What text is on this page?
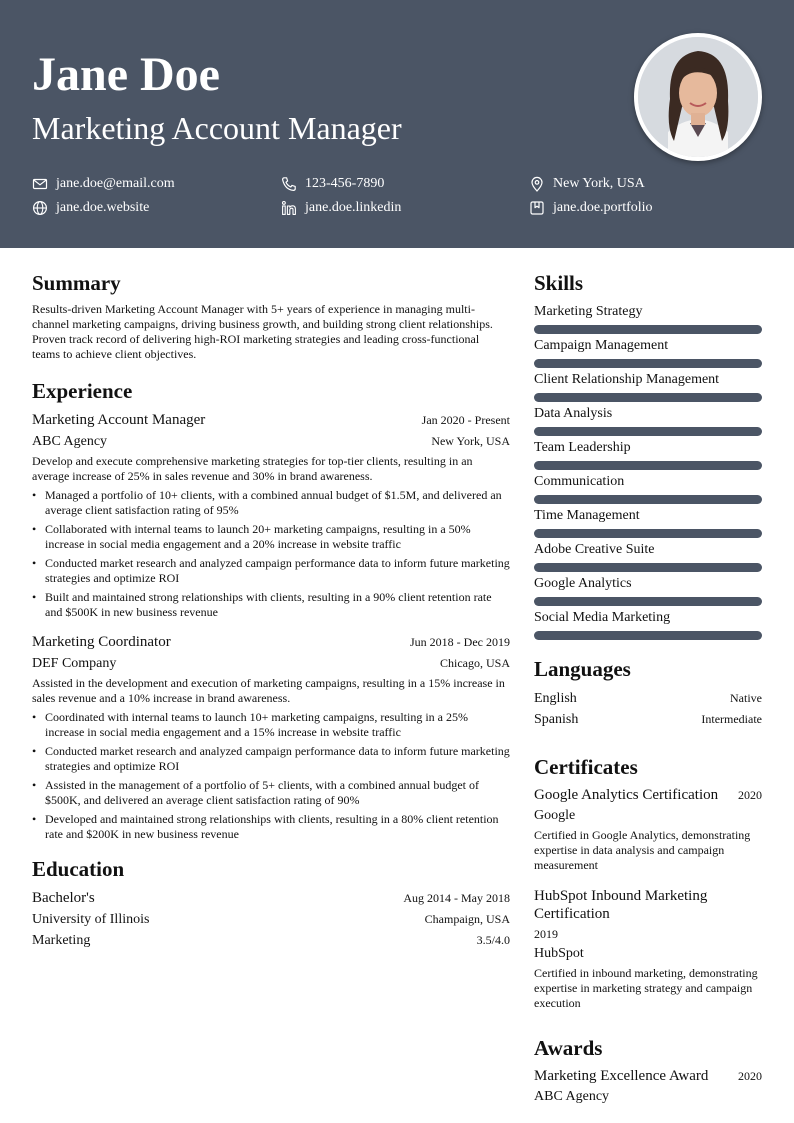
Jane Doe
Marketing Account Manager
jane.doe@email.com	123-456-7890	New York, USA
jane.doe.website	jane.doe.linkedin	jane.doe.portfolio
Summary
Results-driven Marketing Account Manager with 5+ years of experience in managing multi-channel marketing campaigns, driving business growth, and building strong client relationships. Proven track record of delivering high-ROI marketing strategies and leading cross-functional teams to achieve client objectives.
Experience
Marketing Account Manager	Jan 2020 - Present
ABC Agency	New York, USA
Develop and execute comprehensive marketing strategies for top-tier clients, resulting in an average increase of 25% in sales revenue and 30% in brand awareness.
• Managed a portfolio of 10+ clients, with a combined annual budget of $1.5M, and delivered an average client satisfaction rating of 95%
• Collaborated with internal teams to launch 20+ marketing campaigns, resulting in a 50% increase in social media engagement and a 20% increase in website traffic
• Conducted market research and analyzed campaign performance data to inform future marketing strategies and optimize ROI
• Built and maintained strong relationships with clients, resulting in a 90% client retention rate and $500K in new business revenue
Marketing Coordinator	Jun 2018 - Dec 2019
DEF Company	Chicago, USA
Assisted in the development and execution of marketing campaigns, resulting in a 15% increase in sales revenue and a 10% increase in brand awareness.
• Coordinated with internal teams to launch 10+ marketing campaigns, resulting in a 25% increase in social media engagement and a 15% increase in website traffic
• Conducted market research and analyzed campaign performance data to inform future marketing strategies and optimize ROI
• Assisted in the management of a portfolio of 5+ clients, with a combined annual budget of $500K, and delivered an average client satisfaction rating of 90%
• Developed and maintained strong relationships with clients, resulting in a 80% client retention rate and $200K in new business revenue
Education
Bachelor's	Aug 2014 - May 2018
University of Illinois	Champaign, USA
Marketing	3.5/4.0
Skills
Marketing Strategy
Campaign Management
Client Relationship Management
Data Analysis
Team Leadership
Communication
Time Management
Adobe Creative Suite
Google Analytics
Social Media Marketing
Languages
English	Native
Spanish	Intermediate
Certificates
Google Analytics Certification 2020
Google
Certified in Google Analytics, demonstrating expertise in data analysis and campaign measurement
HubSpot Inbound Marketing Certification
2019
HubSpot
Certified in inbound marketing, demonstrating expertise in marketing strategy and campaign execution
Awards
Marketing Excellence Award 2020
ABC Agency
